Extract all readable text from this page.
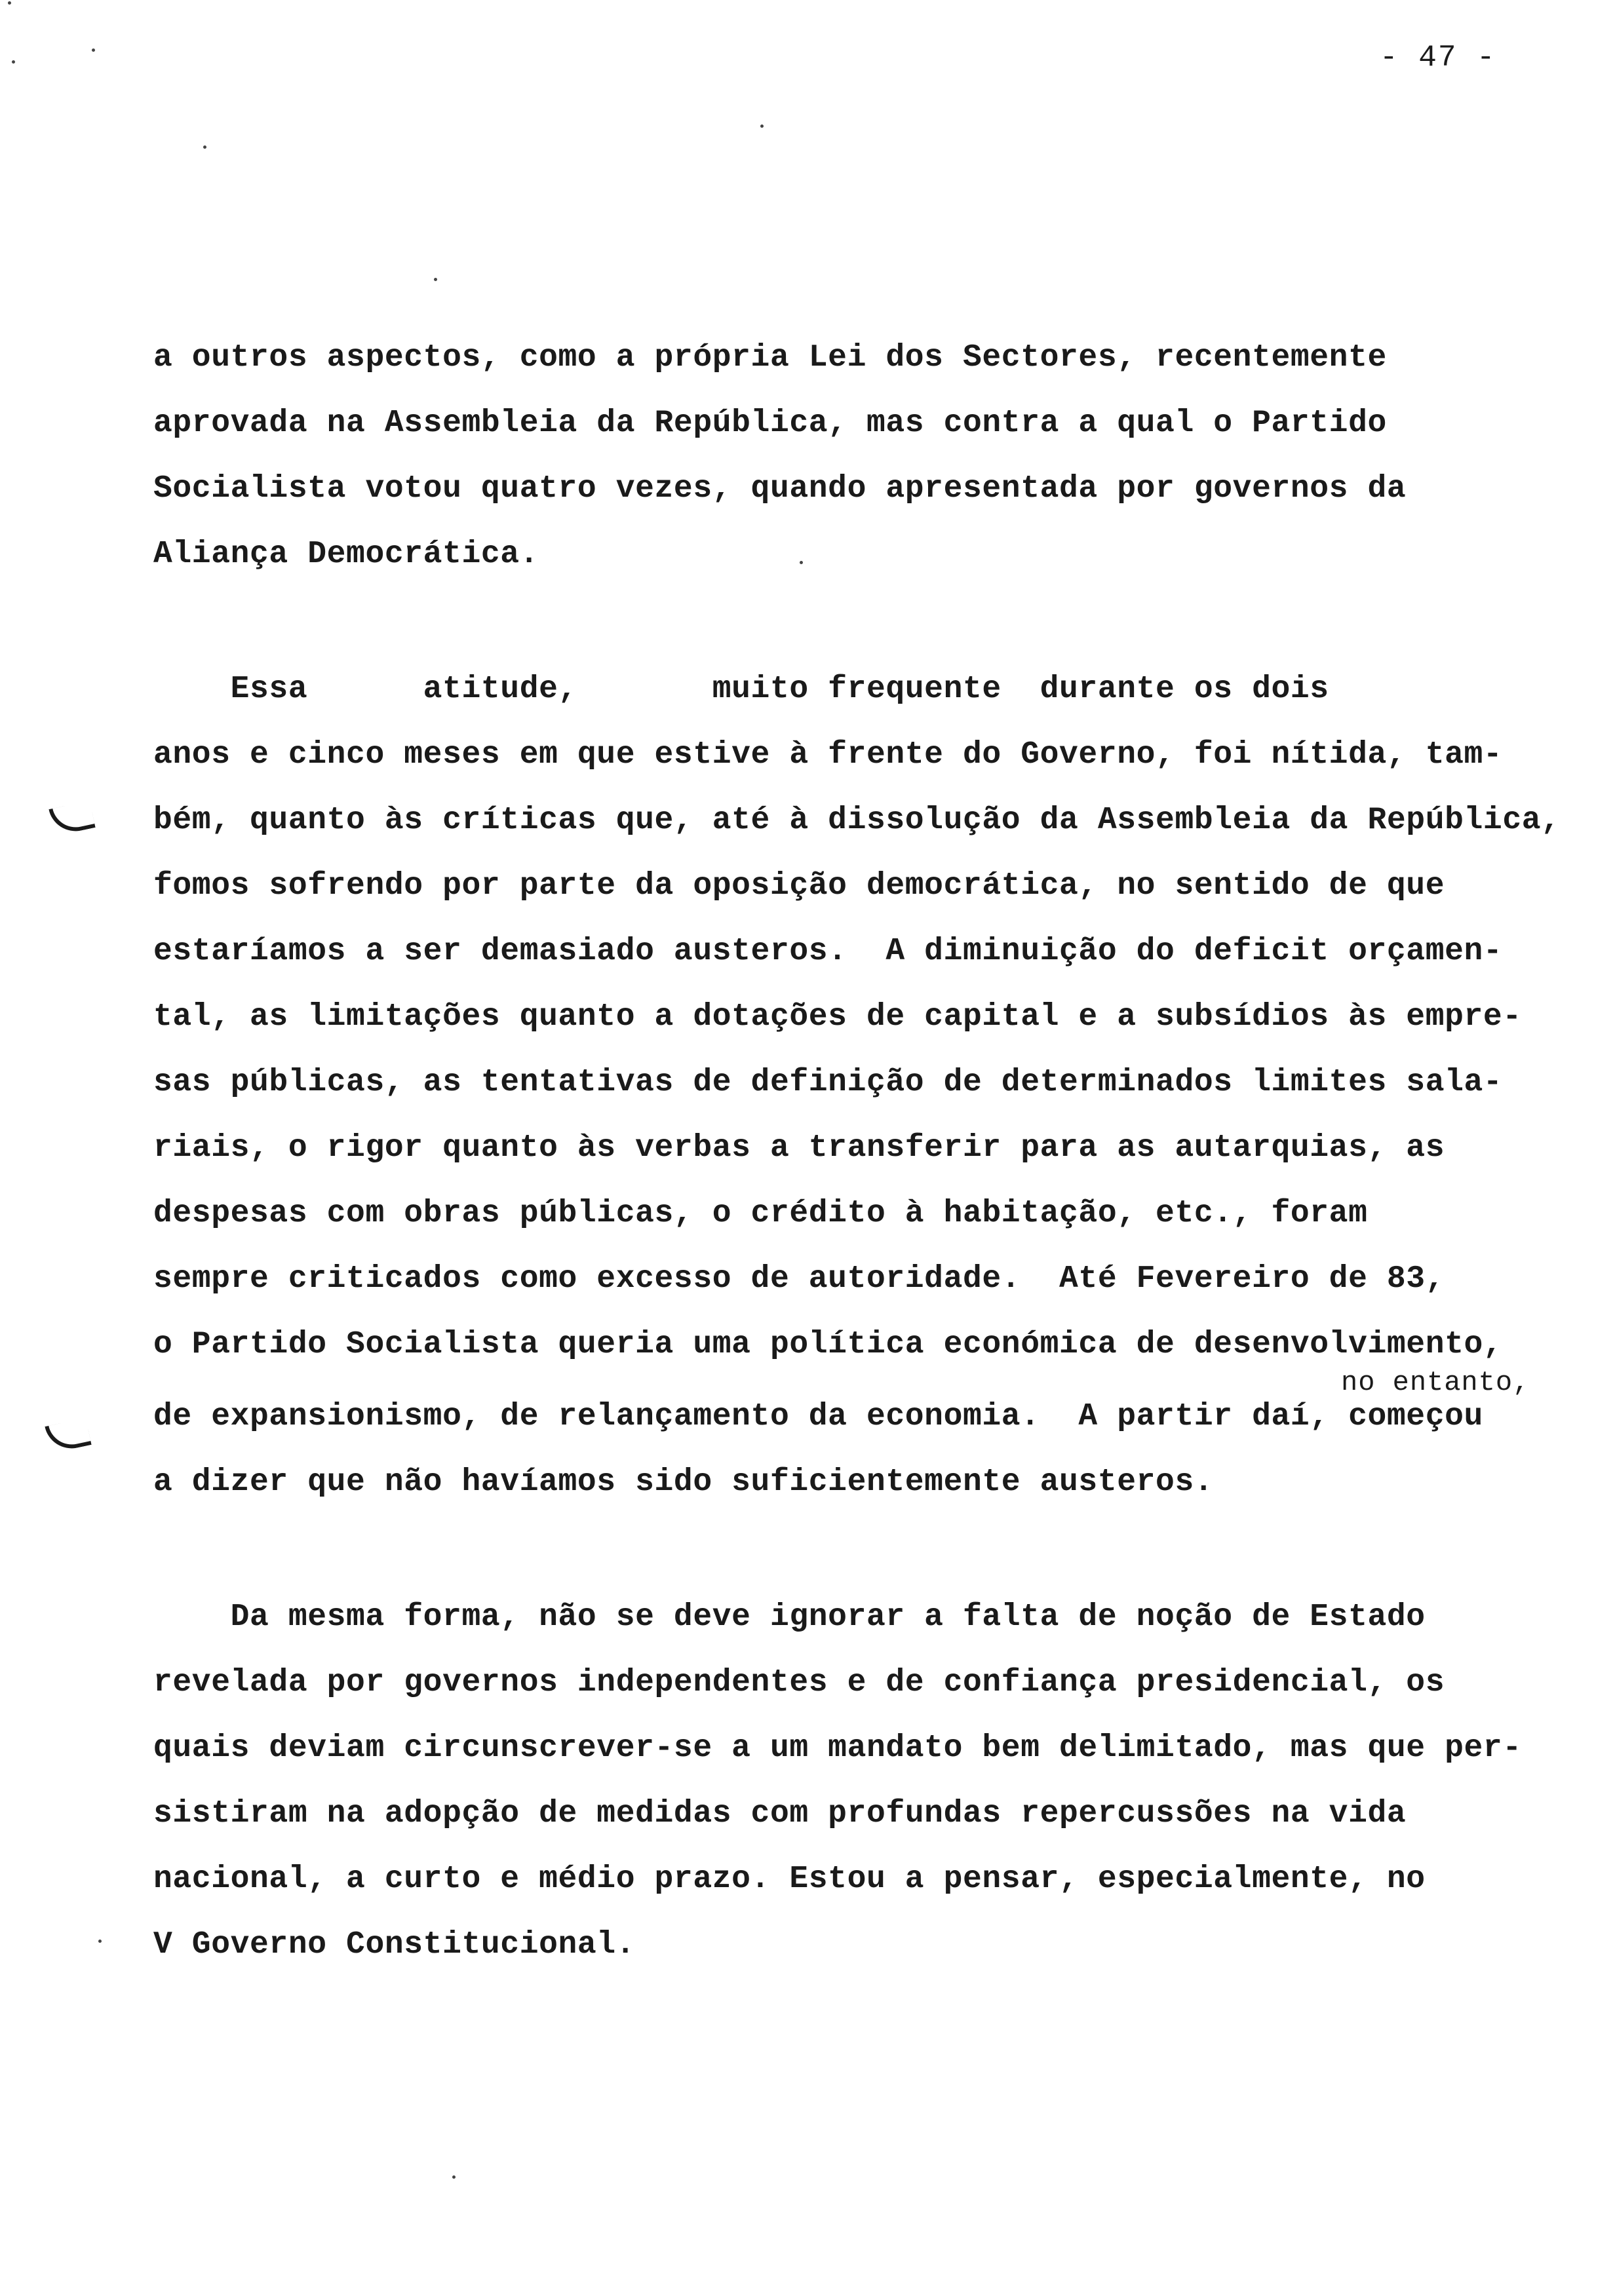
- 47 -
a outros aspectos, como a própria Lei dos Sectores, recentemente
aprovada na Assembleia da República, mas contra a qual o Partido
Socialista votou quatro vezes, quando apresentada por governos da
Aliança Democrática.
Essa      atitude,       muito frequente  durante os dois
anos e cinco meses em que estive à frente do Governo, foi nítida, tam-
bém, quanto às críticas que, até à dissolução da Assembleia da República,
fomos sofrendo por parte da oposição democrática, no sentido de que
estaríamos a ser demasiado austeros.  A diminuição do deficit orçamen-
tal, as limitações quanto a dotações de capital e a subsídios às empre-
sas públicas, as tentativas de definição de determinados limites sala-
riais, o rigor quanto às verbas a transferir para as autarquias, as
despesas com obras públicas, o crédito à habitação, etc., foram
sempre criticados como excesso de autoridade.  Até Fevereiro de 83,
o Partido Socialista queria uma política económica de desenvolvimento,
no entanto,
de expansionismo, de relançamento da economia.  A partir daí, começou
a dizer que não havíamos sido suficientemente austeros.
Da mesma forma, não se deve ignorar a falta de noção de Estado
revelada por governos independentes e de confiança presidencial, os
quais deviam circunscrever-se a um mandato bem delimitado, mas que per-
sistiram na adopção de medidas com profundas repercussões na vida
nacional, a curto e médio prazo. Estou a pensar, especialmente, no
V Governo Constitucional.
